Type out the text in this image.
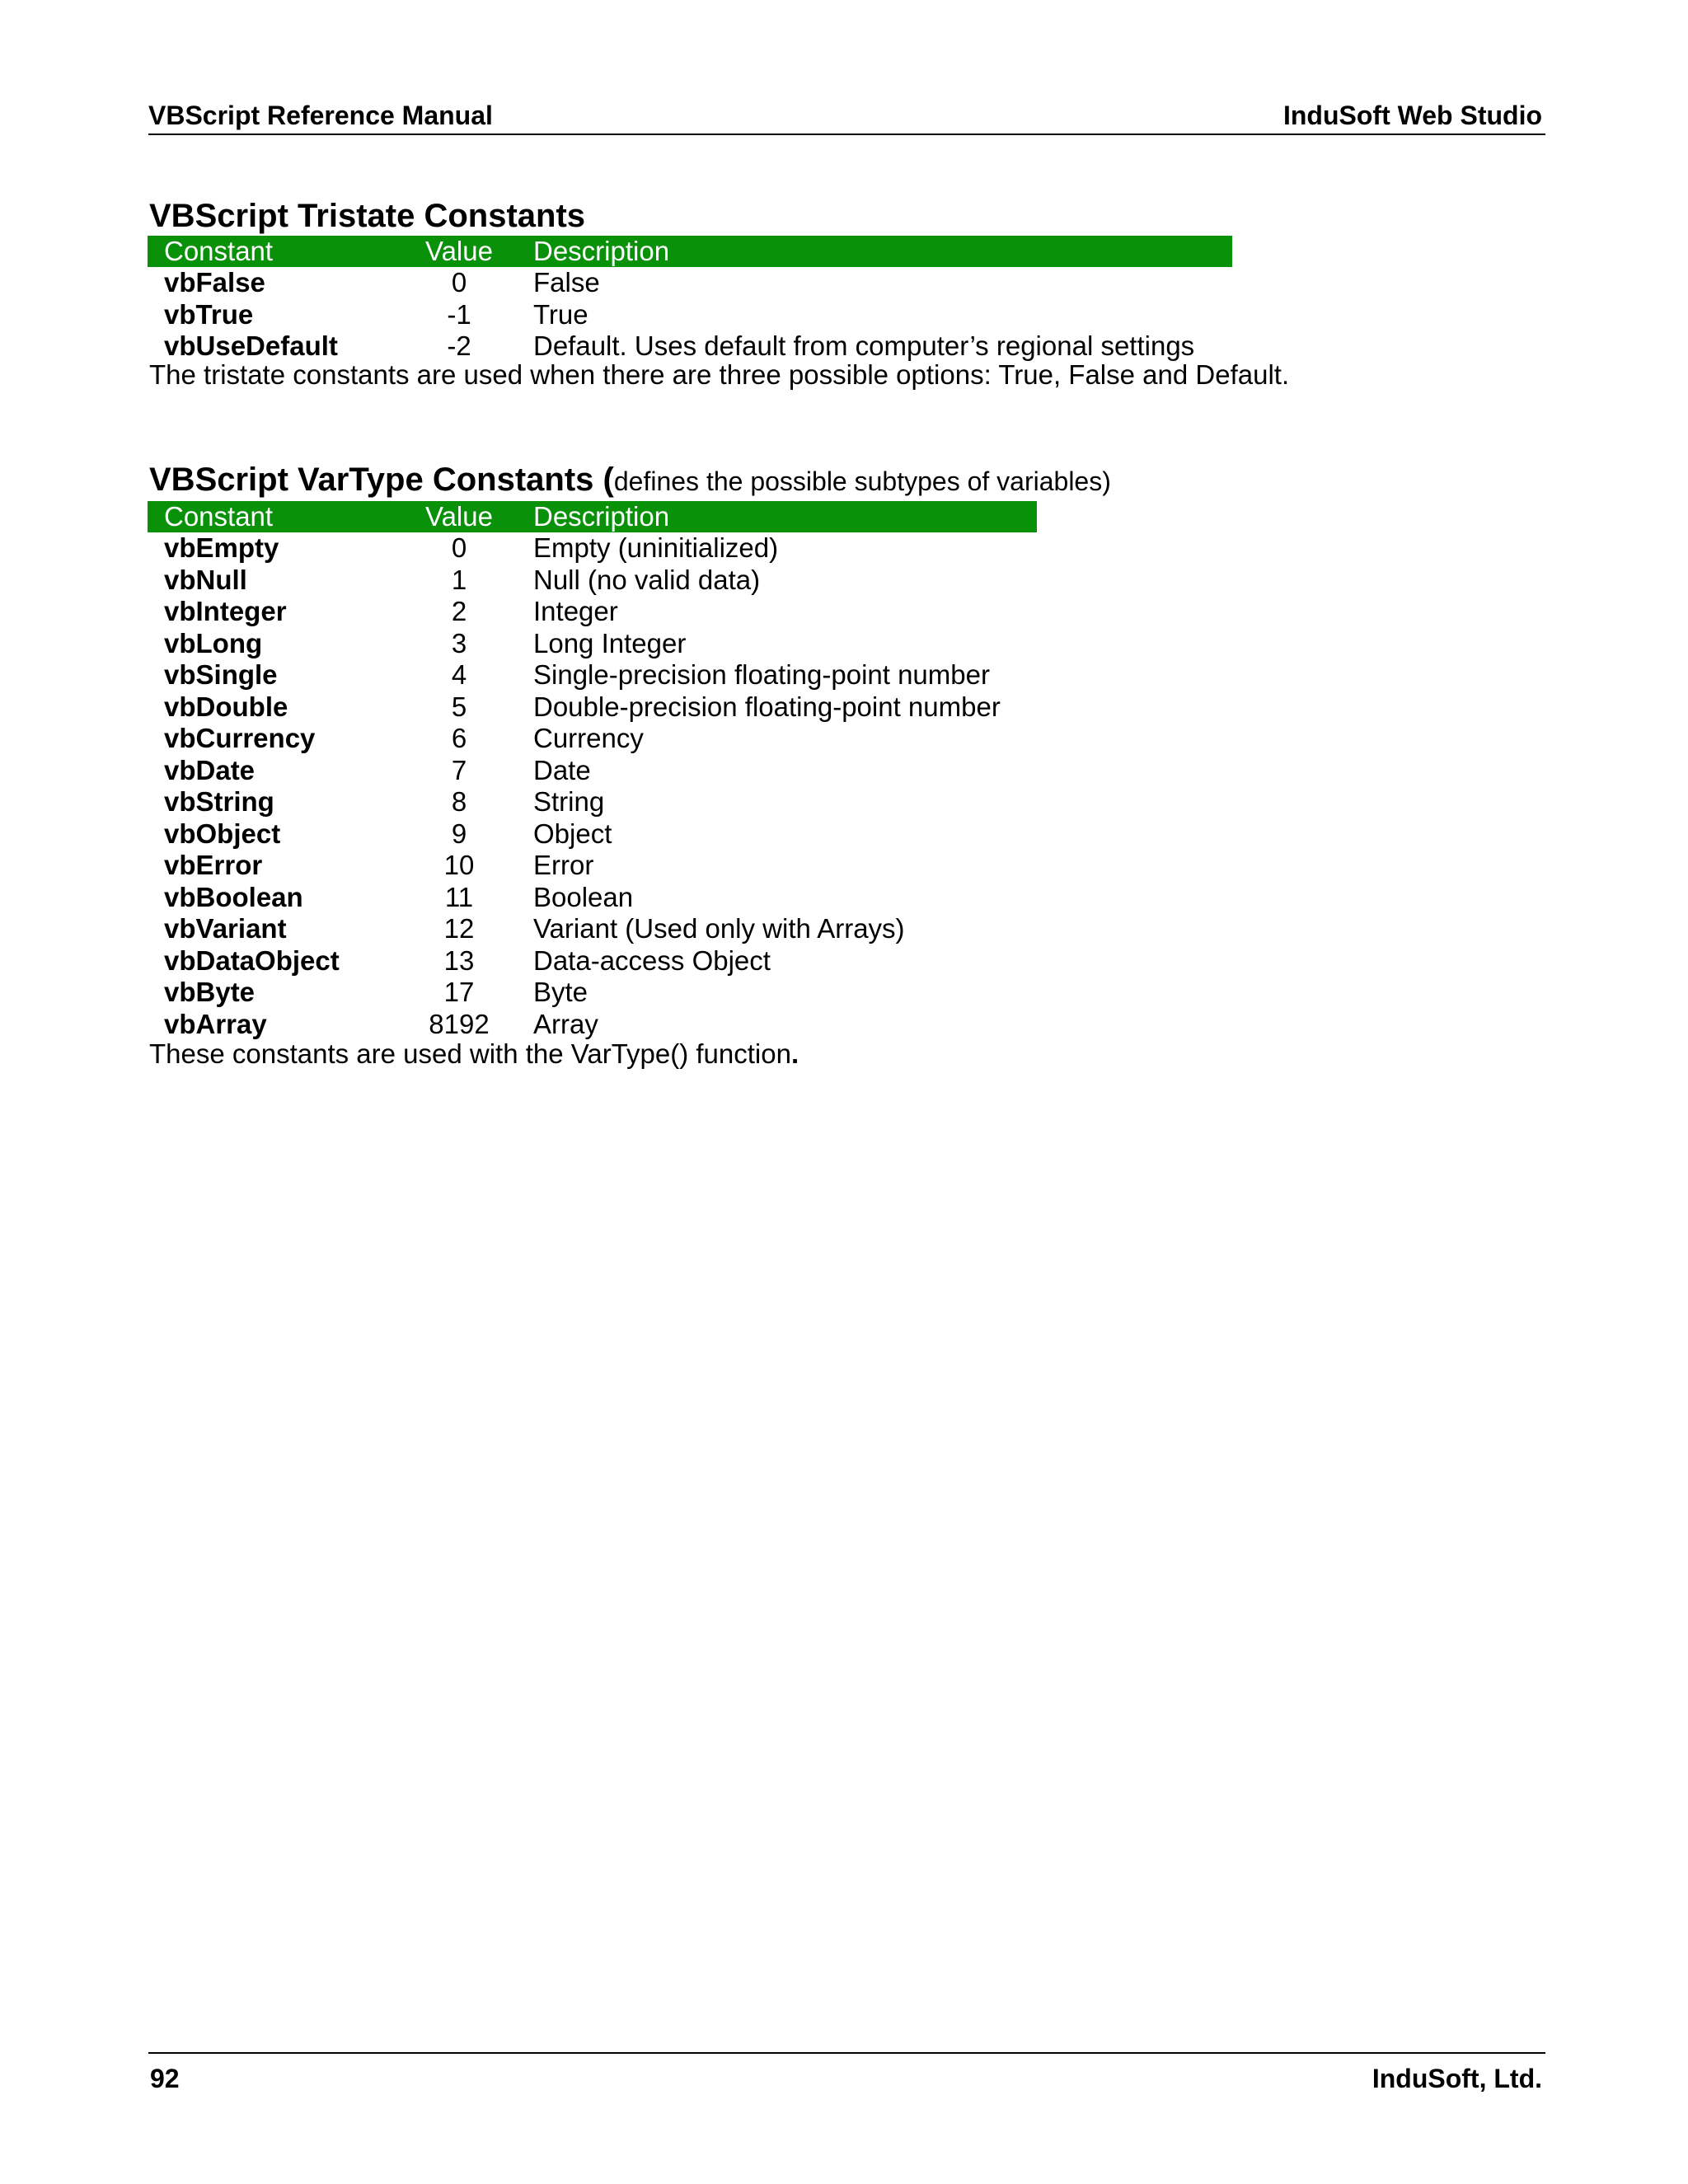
VBScript Reference Manual	InduSoft Web Studio
VBScript Tristate Constants
Constant	Value	Description
vbFalse	0	False
vbTrue	-1	True
vbUseDefault	-2	Default. Uses default from computer’s regional settings
The tristate constants are used when there are three possible options: True, False and Default.
VBScript VarType Constants (defines the possible subtypes of variables)
Constant	Value	Description
vbEmpty	0	Empty (uninitialized)
vbNull	1	Null (no valid data)
vbInteger	2	Integer
vbLong	3	Long Integer
vbSingle	4	Single-precision floating-point number
vbDouble	5	Double-precision floating-point number
vbCurrency	6	Currency
vbDate	7	Date
vbString	8	String
vbObject	9	Object
vbError	10	Error
vbBoolean	11	Boolean
vbVariant	12	Variant (Used only with Arrays)
vbDataObject	13	Data-access Object
vbByte	17	Byte
vbArray	8192	Array
These constants are used with the VarType() function.
92	InduSoft, Ltd.
